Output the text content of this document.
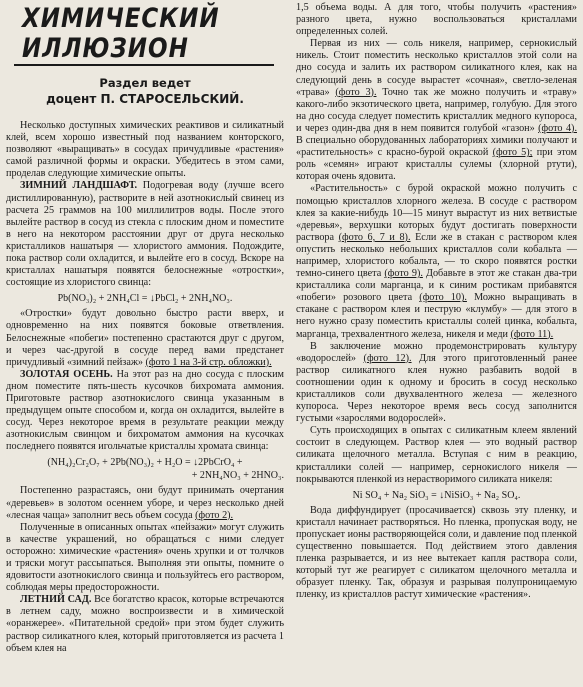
ХИМИЧЕСКИЙ ИЛЛЮЗИОН
Раздел ведет
доцент П. СТАРОСЕЛЬСКИЙ.

Несколько доступных химических реактивов и силикатный клей, всем хорошо известный под названием конторского, позволяют «выращивать» в сосудах причудливые «растения» самой различной формы и окраски. Убедитесь в этом сами, проделав следующие химические опыты.

ЗИМНИЙ ЛАНДШАФТ. Подогревая воду (лучше всего дистиллированную), растворите в ней азотнокислый свинец из расчета 25 граммов на 100 миллилитров воды. После этого вылейте раствор в сосуд из стекла с плоским дном и поместите в него на некотором расстоянии друг от друга несколько кристалликов нашатыря — хлористого аммония. Подождите, пока раствор соли охладится, и вылейте его в сосуд. Вскоре на кристаллах нашатыря появятся белоснежные «отростки», состоящие из хлористого свинца:

Pb(NO₃)₂ + 2NH₄Cl = ↓PbCl₂ + 2NH₄NO₃.

«Отростки» будут довольно быстро расти вверх, и одновременно на них появятся боковые ответвления. Белоснежные «побеги» постепенно срастаются друг с другом, и через час-другой в сосуде перед вами предстанет причудливый «зимний пейзаж» (фото 1 на 3-й стр. обложки).

ЗОЛОТАЯ ОСЕНЬ. На этот раз на дно сосуда с плоским дном поместите пять-шесть кусочков бихромата аммония. Приготовьте раствор азотнокислого свинца указанным в предыдущем опыте способом и, когда он охладится, вылейте в сосуд. Через некоторое время в результате реакции между азотнокислым свинцом и бихроматом аммония на кусочках последнего появятся игольчатые кристаллы хромата свинца:

(NH₄)₂Cr₂O₇ + 2Pb(NO₃)₂ + H₂O = ↓2PbCrO₄ +

+ 2NH₄NO₃ + 2HNO₃.

Постепенно разрастаясь, они будут принимать очертания «деревьев» в золотом осеннем уборе, и через несколько дней «лесная чаща» заполнит весь объем сосуда (фото 2).

Полученные в описанных опытах «пейзажи» могут служить в качестве украшений, но обращаться с ними следует осторожно: химические «растения» очень хрупки и от толчков и тряски могут рассыпаться. Выполняя эти опыты, помните о ядовитости азотнокислого свинца и пользуйтесь его раствором, соблюдая меры предосторожности.

ЛЕТНИЙ САД. Все богатство красок, которые встречаются в летнем саду, можно воспроизвести и в химической «оранжерее». «Питательной средой» при этом будет служить раствор силикатного клея, который приготовляется из расчета 1 объем клея на

1,5 объема воды. А для того, чтобы получить «растения» разного цвета, нужно воспользоваться кристаллами определенных солей.

Первая из них — соль никеля, например, сернокислый никель. Стоит поместить несколько кристаллов этой соли на дно сосуда и залить их раствором силикатного клея, как на следующий день в сосуде вырастет «сочная», светло-зеленая «трава» (фото 3). Точно так же можно получить и «траву» какого-либо экзотического цвета, например, голубую. Для этого на дно сосуда следует поместить кристаллик медного купороса, и через один-два дня в нем появится голубой «газон» (фото 4). В специально оборудованных лабораториях химики получают и «растительность» с красно-бурой окраской (фото 5); при этом роль «семян» играют кристаллы сулемы (хлорной ртути), которая очень ядовита.

«Растительность» с бурой окраской можно получить с помощью кристаллов хлорного железа. В сосуде с раствором клея за какие-нибудь 10—15 минут вырастут из них ветвистые «деревья», верхушки которых будут достигать поверхности раствора (фото 6, 7 и 8). Если же в стакан с раствором клея опустить несколько небольших кристаллов соли кобальта — например, хлористого кобальта, — то скоро появятся ростки темно-синего цвета (фото 9). Добавьте в этот же стакан два-три кристаллика соли марганца, и к синим ростикам прибавятся «побеги» розового цвета (фото 10). Можно выращивать в стакане с раствором клея и пеструю «клумбу» — для этого в него нужно сразу поместить кристаллы солей цинка, кобальта, марганца, трехвалентного железа, никеля и меди (фото 11).

В заключение можно продемонстрировать культуру «водорослей» (фото 12). Для этого приготовленный ранее раствор силикатного клея нужно разбавить водой в соотношении один к одному и бросить в сосуд несколько кристалликов соли двухвалентного железа — железного купороса. Через некоторое время весь сосуд заполнится густыми «зарослями водорослей».

Суть происходящих в опытах с силикатным клеем явлений состоит в следующем. Раствор клея — это водный раствор силиката щелочного металла. Вступая с ним в реакцию, кристаллики солей — например, сернокислого никеля — покрываются пленкой из нерастворимого силиката никеля:

Ni SO₄ + Na₂ SiO₃ = ↓NiSiO₃ + Na₂ SO₄.

Вода диффундирует (просачивается) сквозь эту пленку, и кристалл начинает растворяться. Но пленка, пропуская воду, не пропускает ионы растворяющейся соли, и давление под пленкой существенно повышается. Под действием этого давления пленка разрывается, и из нее вытекает капля раствора соли, который тут же реагирует с силикатом щелочного металла и образует пленку. Так, образуя и разрывая полупроницаемую пленку, из кристаллов растут химические «растения».
